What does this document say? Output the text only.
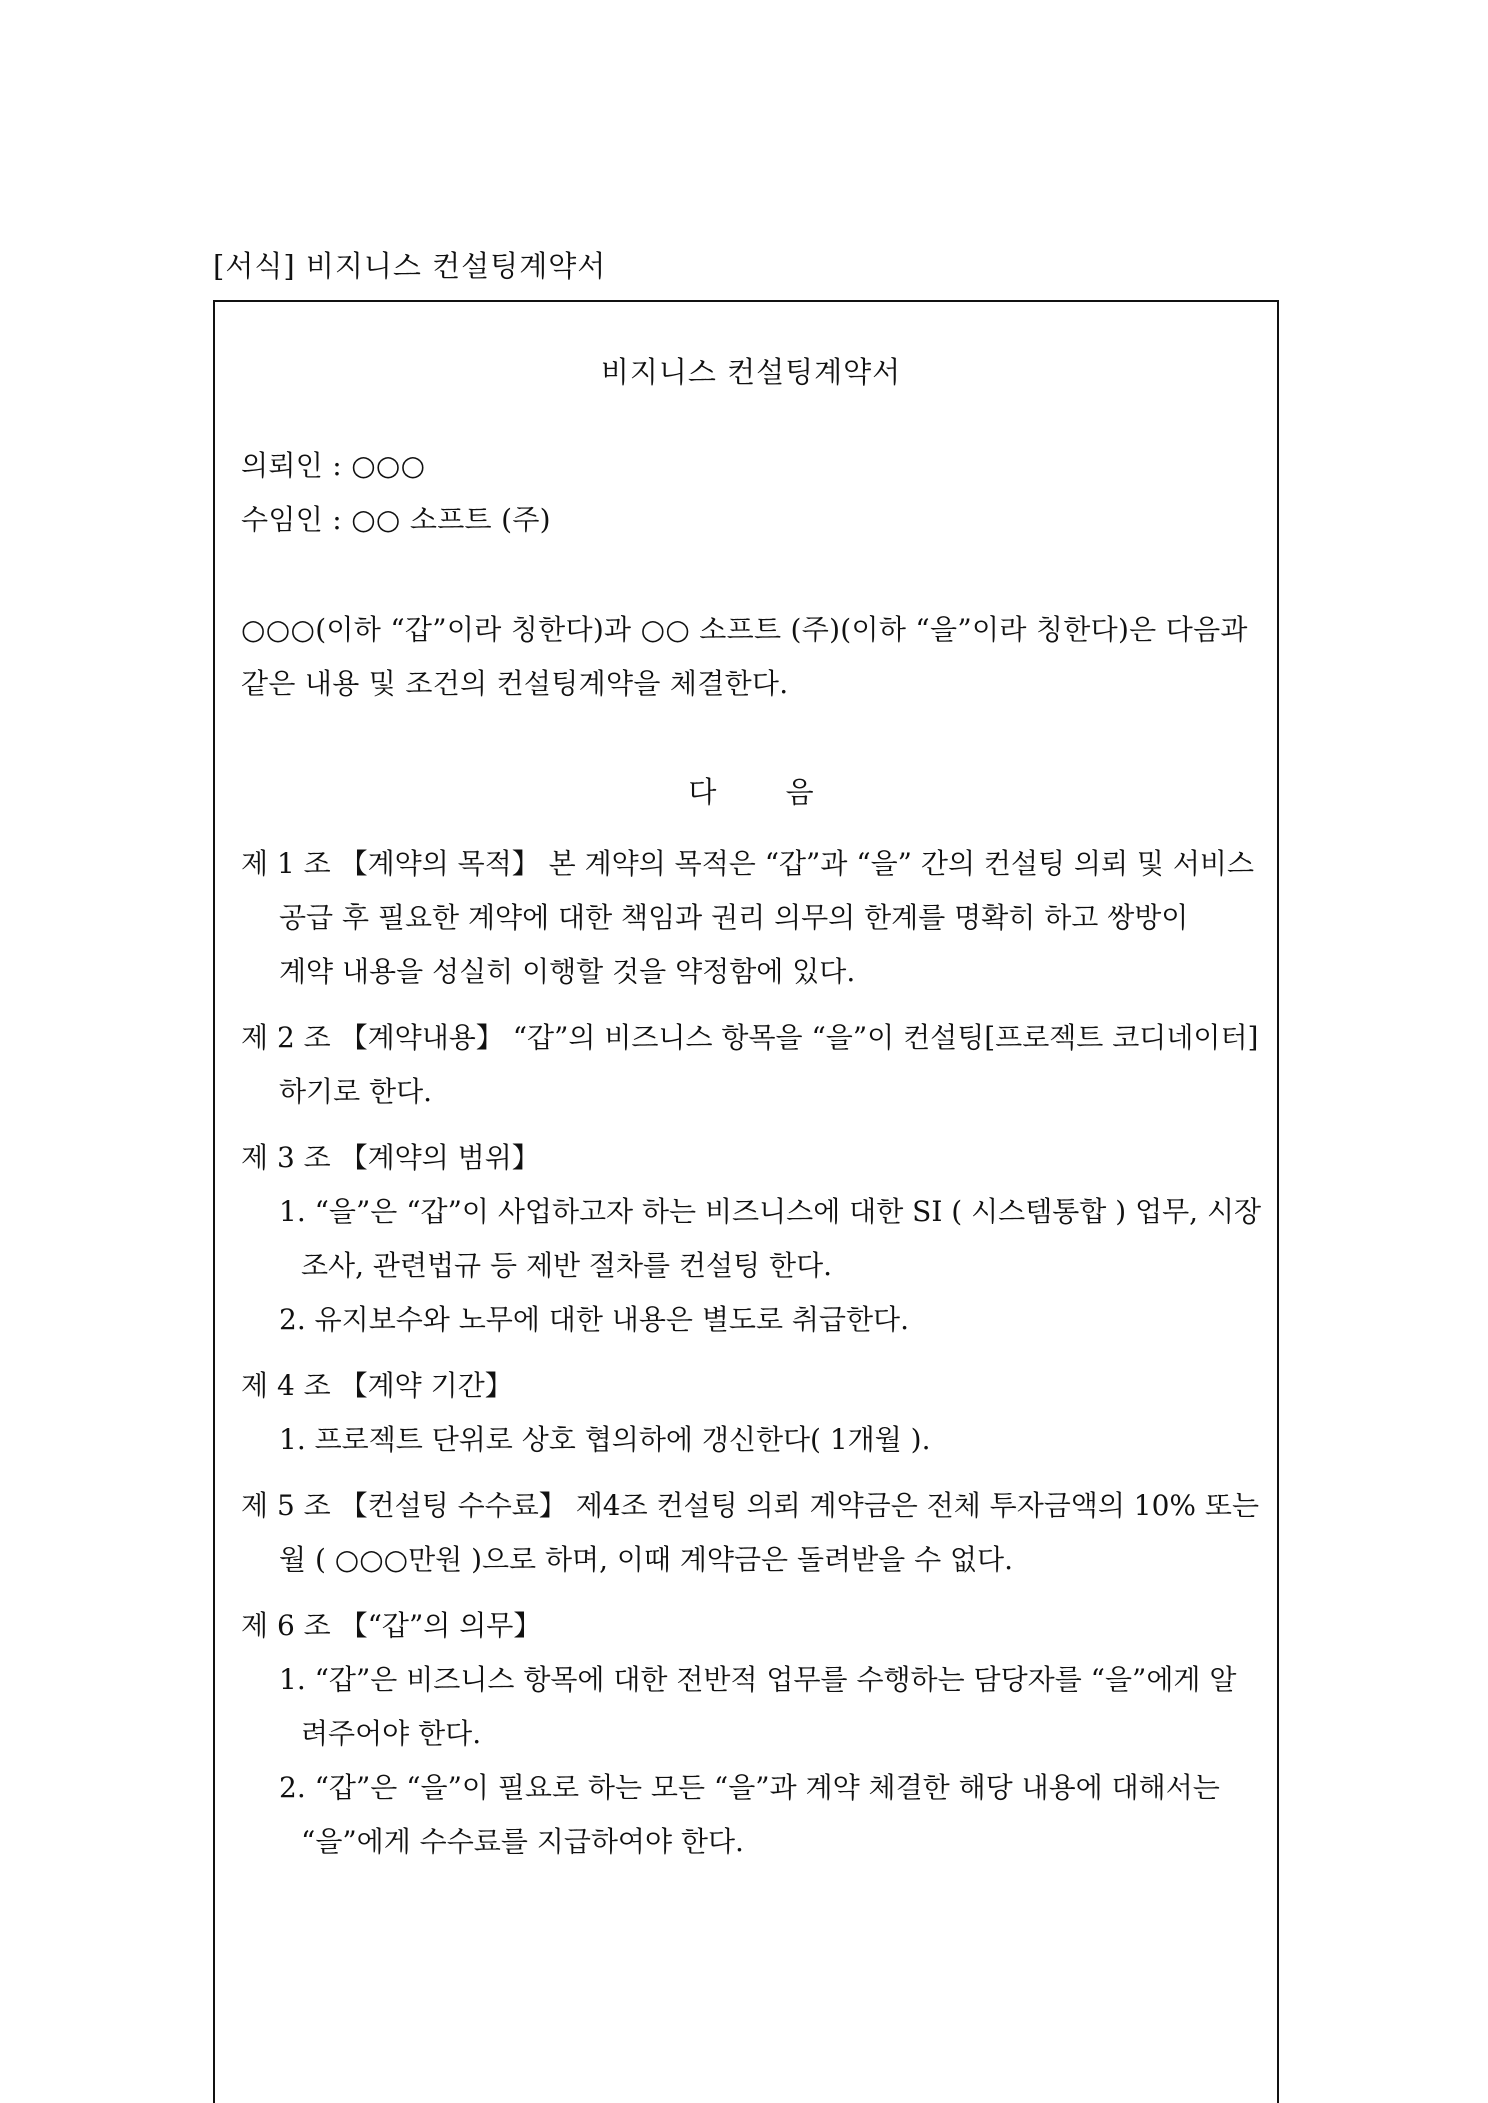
[서식] 비지니스 컨설팅계약서
비지니스 컨설팅계약서
의뢰인 : ○○○
수임인 : ○○ 소프트 (주)
○○○(이하 “갑”이라 칭한다)과 ○○ 소프트 (주)(이하 “을”이라 칭한다)은 다음과
같은 내용 및 조건의 컨설팅계약을 체결한다.
다 음
제 1 조 【계약의 목적】 본 계약의 목적은 “갑”과 “을” 간의 컨설팅 의뢰 및 서비스
공급 후 필요한 계약에 대한 책임과 권리 의무의 한계를 명확히 하고 쌍방이
계약 내용을 성실히 이행할 것을 약정함에 있다.
제 2 조 【계약내용】 “갑”의 비즈니스 항목을 “을”이 컨설팅[프로젝트 코디네이터]
하기로 한다.
제 3 조 【계약의 범위】
1. “을”은 “갑”이 사업하고자 하는 비즈니스에 대한 SI ( 시스템통합 ) 업무, 시장
조사, 관련법규 등 제반 절차를 컨설팅 한다.
2. 유지보수와 노무에 대한 내용은 별도로 취급한다.
제 4 조 【계약 기간】
1. 프로젝트 단위로 상호 협의하에 갱신한다( 1개월 ).
제 5 조 【컨설팅 수수료】 제4조 컨설팅 의뢰 계약금은 전체 투자금액의 10% 또는
월 ( ○○○만원 )으로 하며, 이때 계약금은 돌려받을 수 없다.
제 6 조 【“갑”의 의무】
1. “갑”은 비즈니스 항목에 대한 전반적 업무를 수행하는 담당자를 “을”에게 알
려주어야 한다.
2. “갑”은 “을”이 필요로 하는 모든 “을”과 계약 체결한 해당 내용에 대해서는
“을”에게 수수료를 지급하여야 한다.
